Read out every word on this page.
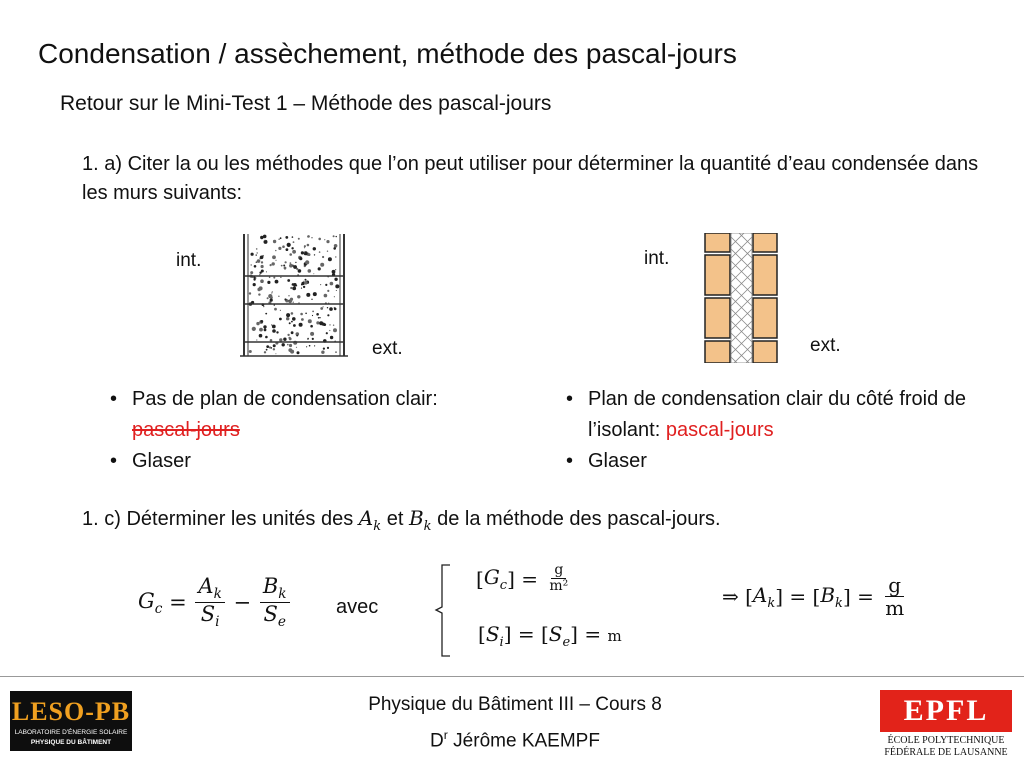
Condensation / assèchement, méthode des pascal-jours
Retour sur le Mini-Test 1 – Méthode des pascal-jours
1. a) Citer la ou les méthodes que l’on peut utiliser pour déterminer la quantité d’eau condensée dans les murs suivants:
int.
ext.
int.
ext.
• Pas de plan de condensation clair:
pascal-jours
• Glaser
• Plan de condensation clair du côté froid de l’isolant: pascal-jours
• Glaser
1. c) Déterminer les unités des $A_k$ et $B_k$ de la méthode des pascal-jours.
$G_c = \frac{A_k}{S_i} - \frac{B_k}{S_e}$ avec
$[G_c] = \frac{g}{\text{m²}}$
$[S_i] = [S_e] = m$
⇒ $[A_k] = [B_k] = \frac{g}{m}$
LESO-PB
LABORATOIRE D'ÉNERGIE SOLAIRE
PHYSIQUE DU BÂTIMENT
Physique du Bâtiment III – Cours 8
$D^r$ Jérôme KAEMPF
EPFL
ÉCOLE POLYTECHNIQUE
FÉDÉRALE DE LAUSANNE
